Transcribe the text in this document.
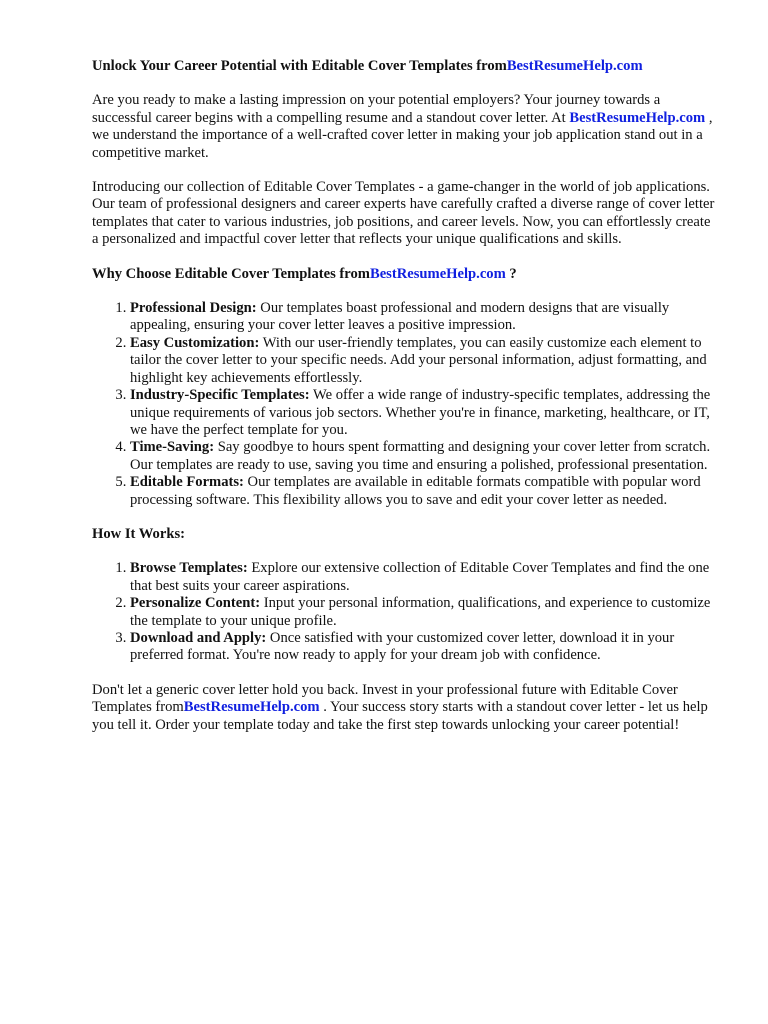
Unlock Your Career Potential with Editable Cover Templates fromBestResumeHelp.com

Are you ready to make a lasting impression on your potential employers? Your journey towards a successful career begins with a compelling resume and a standout cover letter. At BestResumeHelp.com , we understand the importance of a well-crafted cover letter in making your job application stand out in a competitive market.

Introducing our collection of Editable Cover Templates - a game-changer in the world of job applications. Our team of professional designers and career experts have carefully crafted a diverse range of cover letter templates that cater to various industries, job positions, and career levels. Now, you can effortlessly create a personalized and impactful cover letter that reflects your unique qualifications and skills.

Why Choose Editable Cover Templates fromBestResumeHelp.com ?
1. Professional Design: Our templates boast professional and modern designs that are visually appealing, ensuring your cover letter leaves a positive impression.
2. Easy Customization: With our user-friendly templates, you can easily customize each element to tailor the cover letter to your specific needs. Add your personal information, adjust formatting, and highlight key achievements effortlessly.
3. Industry-Specific Templates: We offer a wide range of industry-specific templates, addressing the unique requirements of various job sectors. Whether you're in finance, marketing, healthcare, or IT, we have the perfect template for you.
4. Time-Saving: Say goodbye to hours spent formatting and designing your cover letter from scratch. Our templates are ready to use, saving you time and ensuring a polished, professional presentation.
5. Editable Formats: Our templates are available in editable formats compatible with popular word processing software. This flexibility allows you to save and edit your cover letter as needed.
How It Works:
1. Browse Templates: Explore our extensive collection of Editable Cover Templates and find the one that best suits your career aspirations.
2. Personalize Content: Input your personal information, qualifications, and experience to customize the template to your unique profile.
3. Download and Apply: Once satisfied with your customized cover letter, download it in your preferred format. You're now ready to apply for your dream job with confidence.

Don't let a generic cover letter hold you back. Invest in your professional future with Editable Cover Templates fromBestResumeHelp.com . Your success story starts with a standout cover letter - let us help you tell it. Order your template today and take the first step towards unlocking your career potential!
